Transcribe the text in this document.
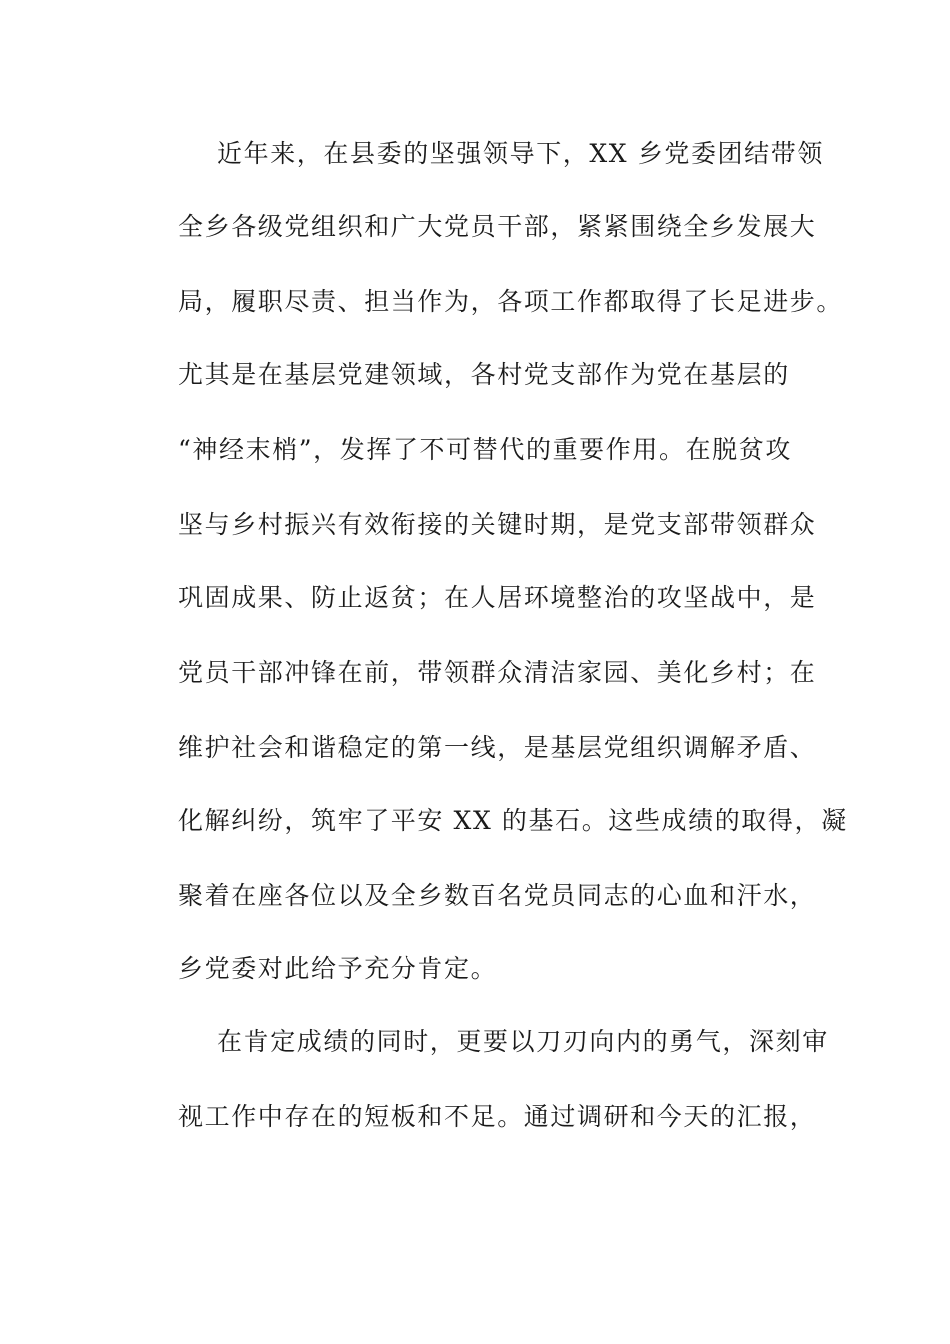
近年来，在县委的坚强领导下，XX 乡党委团结带领
全乡各级党组织和广大党员干部，紧紧围绕全乡发展大
局，履职尽责、担当作为，各项工作都取得了长足进步。
尤其是在基层党建领域，各村党支部作为党在基层的
“神经末梢”，发挥了不可替代的重要作用。在脱贫攻
坚与乡村振兴有效衔接的关键时期，是党支部带领群众
巩固成果、防止返贫；在人居环境整治的攻坚战中，是
党员干部冲锋在前，带领群众清洁家园、美化乡村；在
维护社会和谐稳定的第一线，是基层党组织调解矛盾、
化解纠纷，筑牢了平安 XX 的基石。这些成绩的取得，凝
聚着在座各位以及全乡数百名党员同志的心血和汗水，
乡党委对此给予充分肯定。
在肯定成绩的同时，更要以刀刃向内的勇气，深刻审
视工作中存在的短板和不足。通过调研和今天的汇报，
